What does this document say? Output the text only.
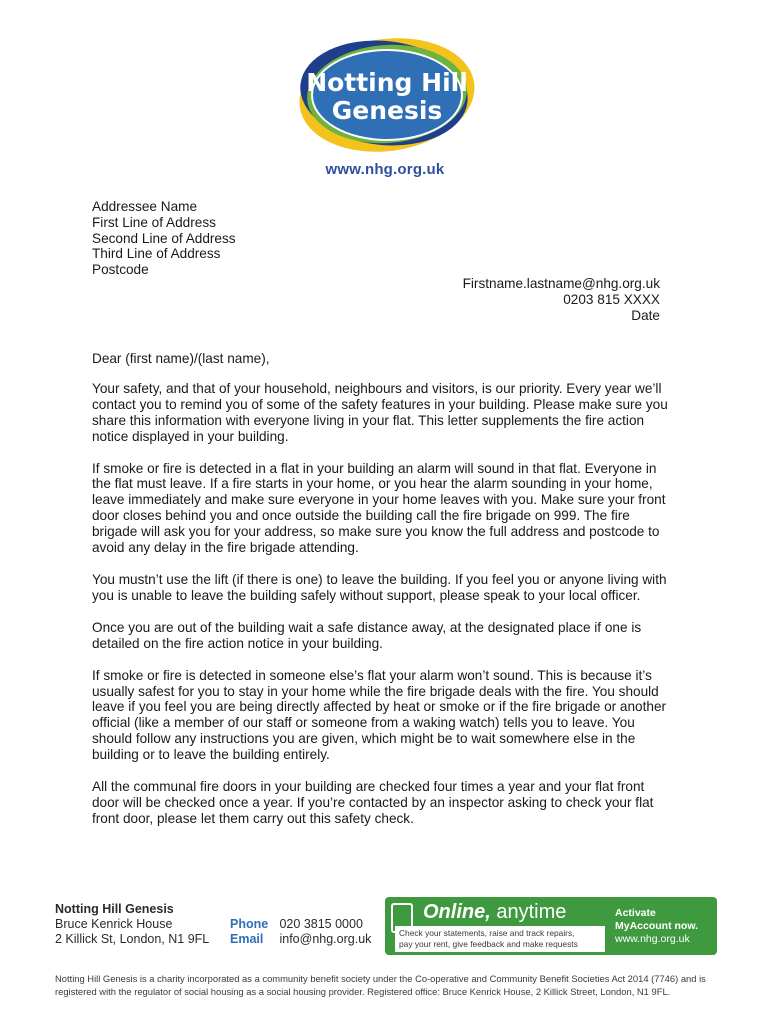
Notting Hill
Genesis
www.nhg.org.uk
Addressee Name
First Line of Address
Second Line of Address
Third Line of Address
Postcode
Firstname.lastname@nhg.org.uk
0203 815 XXXX
Date

Dear (first name)/(last name),

Your safety, and that of your household, neighbours and visitors, is our priority. Every year we’ll contact you to remind you of some of the safety features in your building. Please make sure you share this information with everyone living in your flat. This letter supplements the fire action notice displayed in your building.

If smoke or fire is detected in a flat in your building an alarm will sound in that flat. Everyone in the flat must leave. If a fire starts in your home, or you hear the alarm sounding in your home, leave immediately and make sure everyone in your home leaves with you. Make sure your front door closes behind you and once outside the building call the fire brigade on 999. The fire brigade will ask you for your address, so make sure you know the full address and postcode to avoid any delay in the fire brigade attending.

You mustn’t use the lift (if there is one) to leave the building. If you feel you or anyone living with you is unable to leave the building safely without support, please speak to your local officer.

Once you are out of the building wait a safe distance away, at the designated place if one is detailed on the fire action notice in your building.

If smoke or fire is detected in someone else’s flat your alarm won’t sound. This is because it’s usually safest for you to stay in your home while the fire brigade deals with the fire. You should leave if you feel you are being directly affected by heat or smoke or if the fire brigade or another official (like a member of our staff or someone from a waking watch) tells you to leave. You should follow any instructions you are given, which might be to wait somewhere else in the building or to leave the building entirely.

All the communal fire doors in your building are checked four times a year and your flat front door will be checked once a year. If you’re contacted by an inspector asking to check your flat front door, please let them carry out this safety check.

Notting Hill Genesis
Bruce Kenrick House
2 Killick St, London, N1 9FL
Phone 020 3815 0000
Email info@nhg.org.uk
Online, anytime
Check your statements, raise and track repairs,
pay your rent, give feedback and make requests
Activate
MyAccount now.
www.nhg.org.uk
Notting Hill Genesis is a charity incorporated as a community benefit society under the Co-operative and Community Benefit Societies Act 2014 (7746) and is
registered with the regulator of social housing as a social housing provider. Registered office: Bruce Kenrick House, 2 Killick Street, London, N1 9FL.
